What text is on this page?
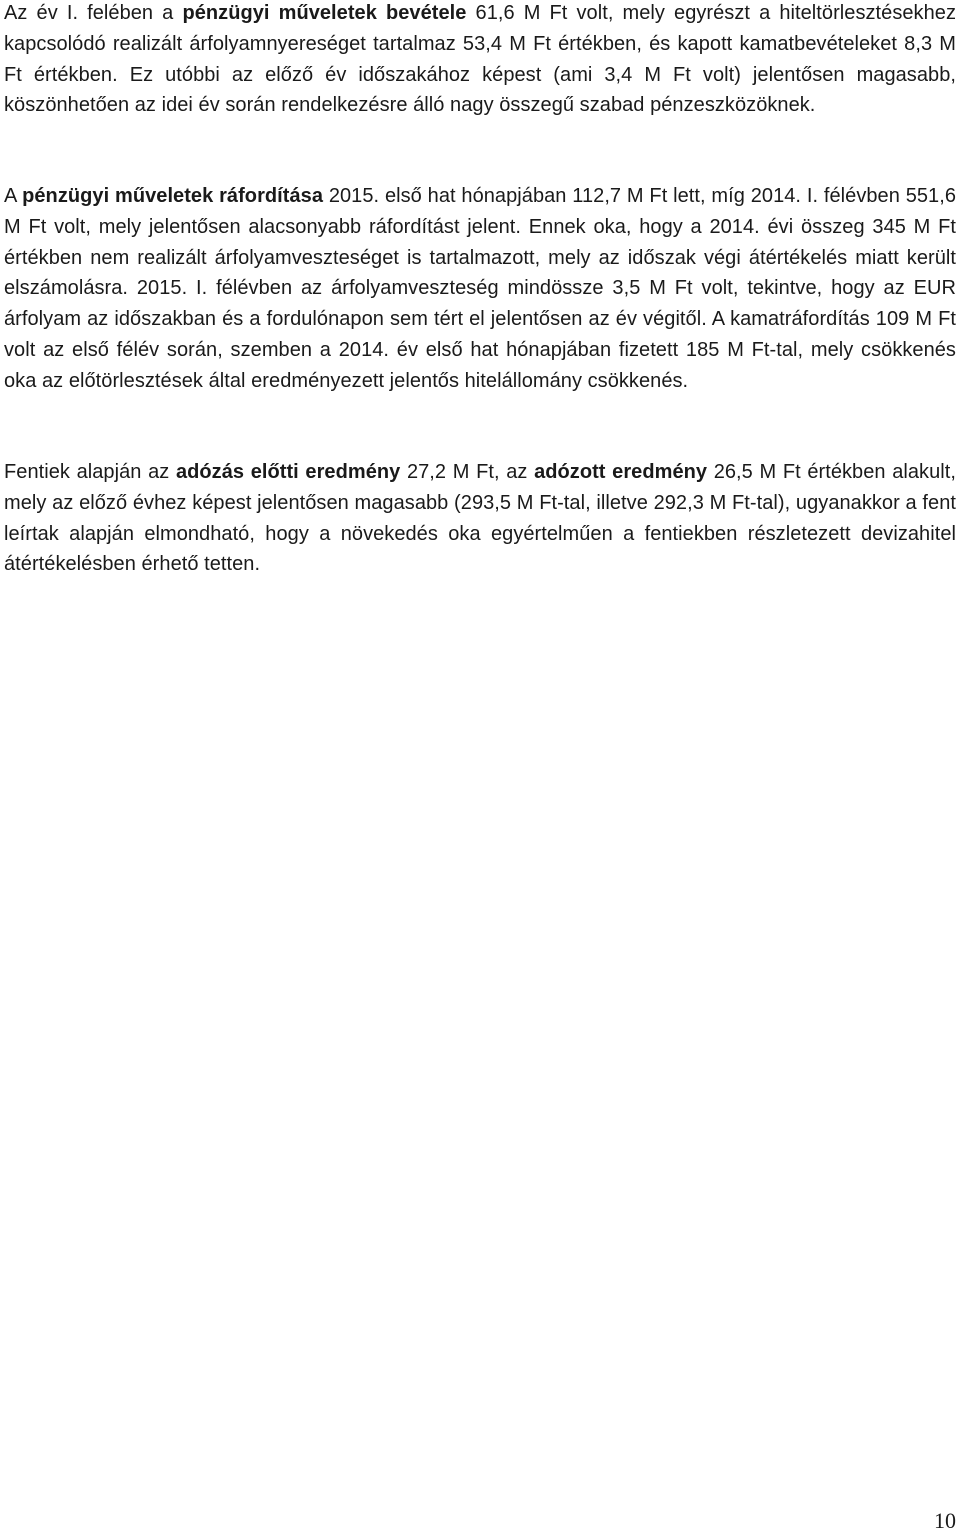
Az év I. felében a pénzügyi műveletek bevétele 61,6 M Ft volt, mely egyrészt a hiteltörlesztésekhez kapcsolódó realizált árfolyamnyereséget tartalmaz 53,4 M Ft értékben, és kapott kamatbevételeket 8,3 M Ft értékben. Ez utóbbi az előző év időszakához képest (ami 3,4 M Ft volt) jelentősen magasabb, köszönhetően az idei év során rendelkezésre álló nagy összegű szabad pénzeszközöknek.

A pénzügyi műveletek ráfordítása 2015. első hat hónapjában 112,7 M Ft lett, míg 2014. I. félévben 551,6 M Ft volt, mely jelentősen alacsonyabb ráfordítást jelent. Ennek oka, hogy a 2014. évi összeg 345 M Ft értékben nem realizált árfolyamveszteséget is tartalmazott, mely az időszak végi átértékelés miatt került elszámolásra. 2015. I. félévben az árfolyamveszteség mindössze 3,5 M Ft volt, tekintve, hogy az EUR árfolyam az időszakban és a fordulónapon sem tért el jelentősen az év végitől. A kamatráfordítás 109 M Ft volt az első félév során, szemben a 2014. év első hat hónapjában fizetett 185 M Ft-tal, mely csökkenés oka az előtörlesztések által eredményezett jelentős hitelállomány csökkenés.

Fentiek alapján az adózás előtti eredmény 27,2 M Ft, az adózott eredmény 26,5 M Ft értékben alakult, mely az előző évhez képest jelentősen magasabb (293,5 M Ft-tal, illetve 292,3 M Ft-tal), ugyanakkor a fent leírtak alapján elmondható, hogy a növekedés oka egyértelműen a fentiekben részletezett devizahitel átértékelésben érhető tetten.

10
